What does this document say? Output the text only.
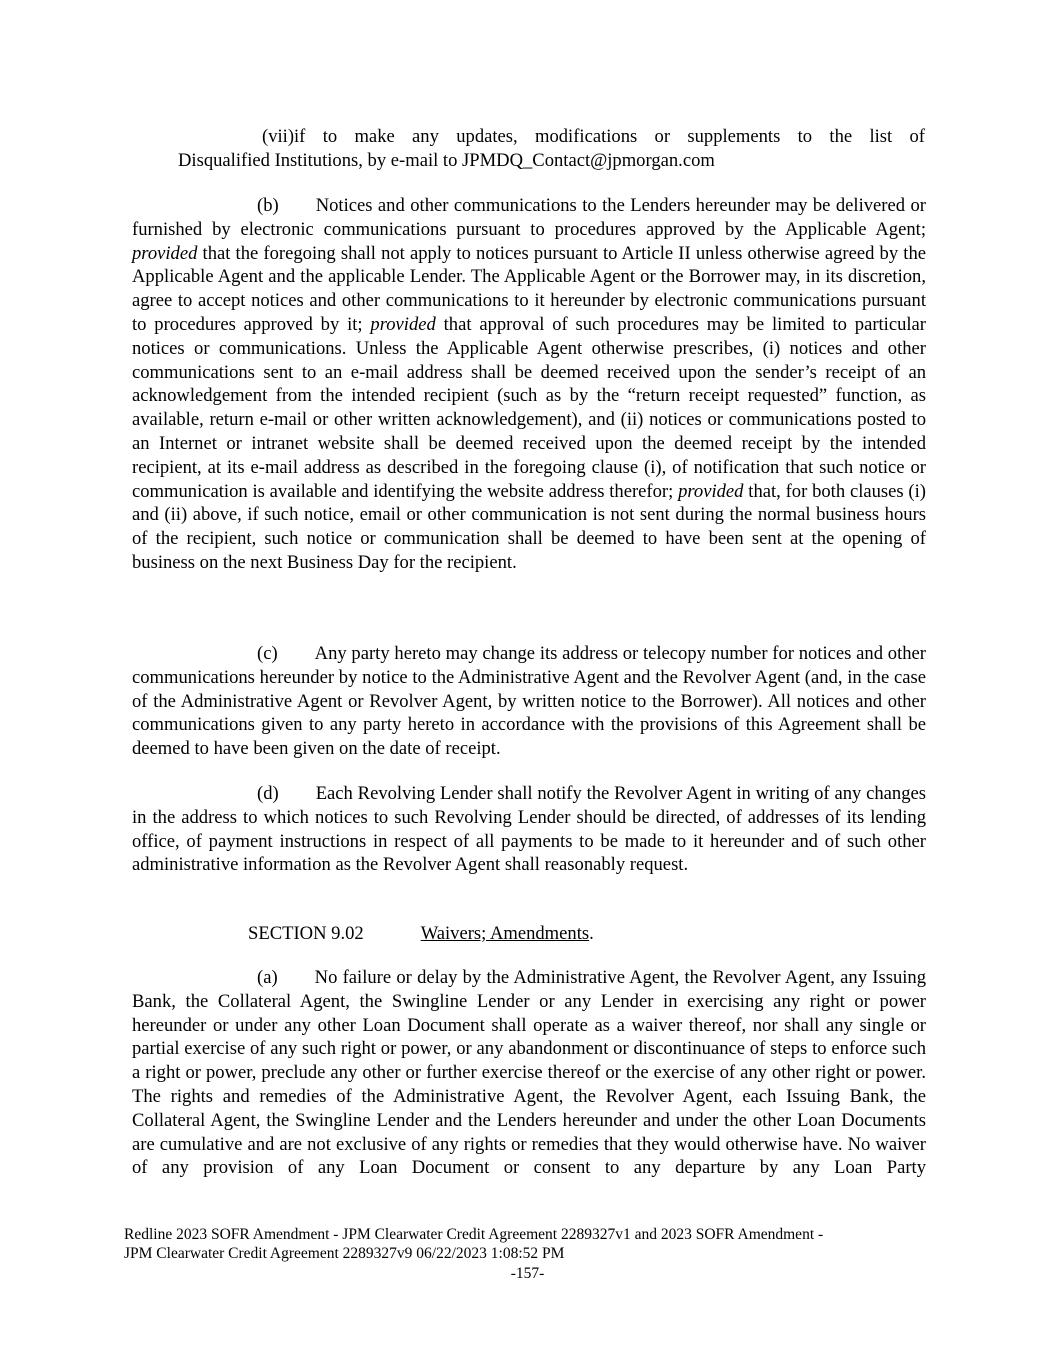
(vii)if to make any updates, modifications or supplements to the list of
Disqualified Institutions, by e-mail to JPMDQ_Contact@jpmorgan.com
(b) Notices and other communications to the Lenders hereunder may be delivered or furnished by electronic communications pursuant to procedures approved by the Applicable Agent; provided that the foregoing shall not apply to notices pursuant to Article II unless otherwise agreed by the Applicable Agent and the applicable Lender. The Applicable Agent or the Borrower may, in its discretion, agree to accept notices and other communications to it hereunder by electronic communications pursuant to procedures approved by it; provided that approval of such procedures may be limited to particular notices or communications. Unless the Applicable Agent otherwise prescribes, (i) notices and other communications sent to an e-mail address shall be deemed received upon the sender’s receipt of an acknowledgement from the intended recipient (such as by the “return receipt requested” function, as available, return e-mail or other written acknowledgement), and (ii) notices or communications posted to an Internet or intranet website shall be deemed received upon the deemed receipt by the intended recipient, at its e-mail address as described in the foregoing clause (i), of notification that such notice or communication is available and identifying the website address therefor; provided that, for both clauses (i) and (ii) above, if such notice, email or other communication is not sent during the normal business hours of the recipient, such notice or communication shall be deemed to have been sent at the opening of business on the next Business Day for the recipient.
(c) Any party hereto may change its address or telecopy number for notices and other communications hereunder by notice to the Administrative Agent and the Revolver Agent (and, in the case of the Administrative Agent or Revolver Agent, by written notice to the Borrower). All notices and other communications given to any party hereto in accordance with the provisions of this Agreement shall be deemed to have been given on the date of receipt.
(d) Each Revolving Lender shall notify the Revolver Agent in writing of any changes in the address to which notices to such Revolving Lender should be directed, of addresses of its lending office, of payment instructions in respect of all payments to be made to it hereunder and of such other administrative information as the Revolver Agent shall reasonably request.
SECTION 9.02	Waivers; Amendments.
(a) No failure or delay by the Administrative Agent, the Revolver Agent, any Issuing Bank, the Collateral Agent, the Swingline Lender or any Lender in exercising any right or power hereunder or under any other Loan Document shall operate as a waiver thereof, nor shall any single or partial exercise of any such right or power, or any abandonment or discontinuance of steps to enforce such a right or power, preclude any other or further exercise thereof or the exercise of any other right or power. The rights and remedies of the Administrative Agent, the Revolver Agent, each Issuing Bank, the Collateral Agent, the Swingline Lender and the Lenders hereunder and under the other Loan Documents are cumulative and are not exclusive of any rights or remedies that they would otherwise have. No waiver of any provision of any Loan Document or consent to any departure by any Loan Party
Redline 2023 SOFR Amendment - JPM Clearwater Credit Agreement 2289327v1 and 2023 SOFR Amendment -
JPM Clearwater Credit Agreement 2289327v9 06/22/2023 1:08:52 PM
-157-
